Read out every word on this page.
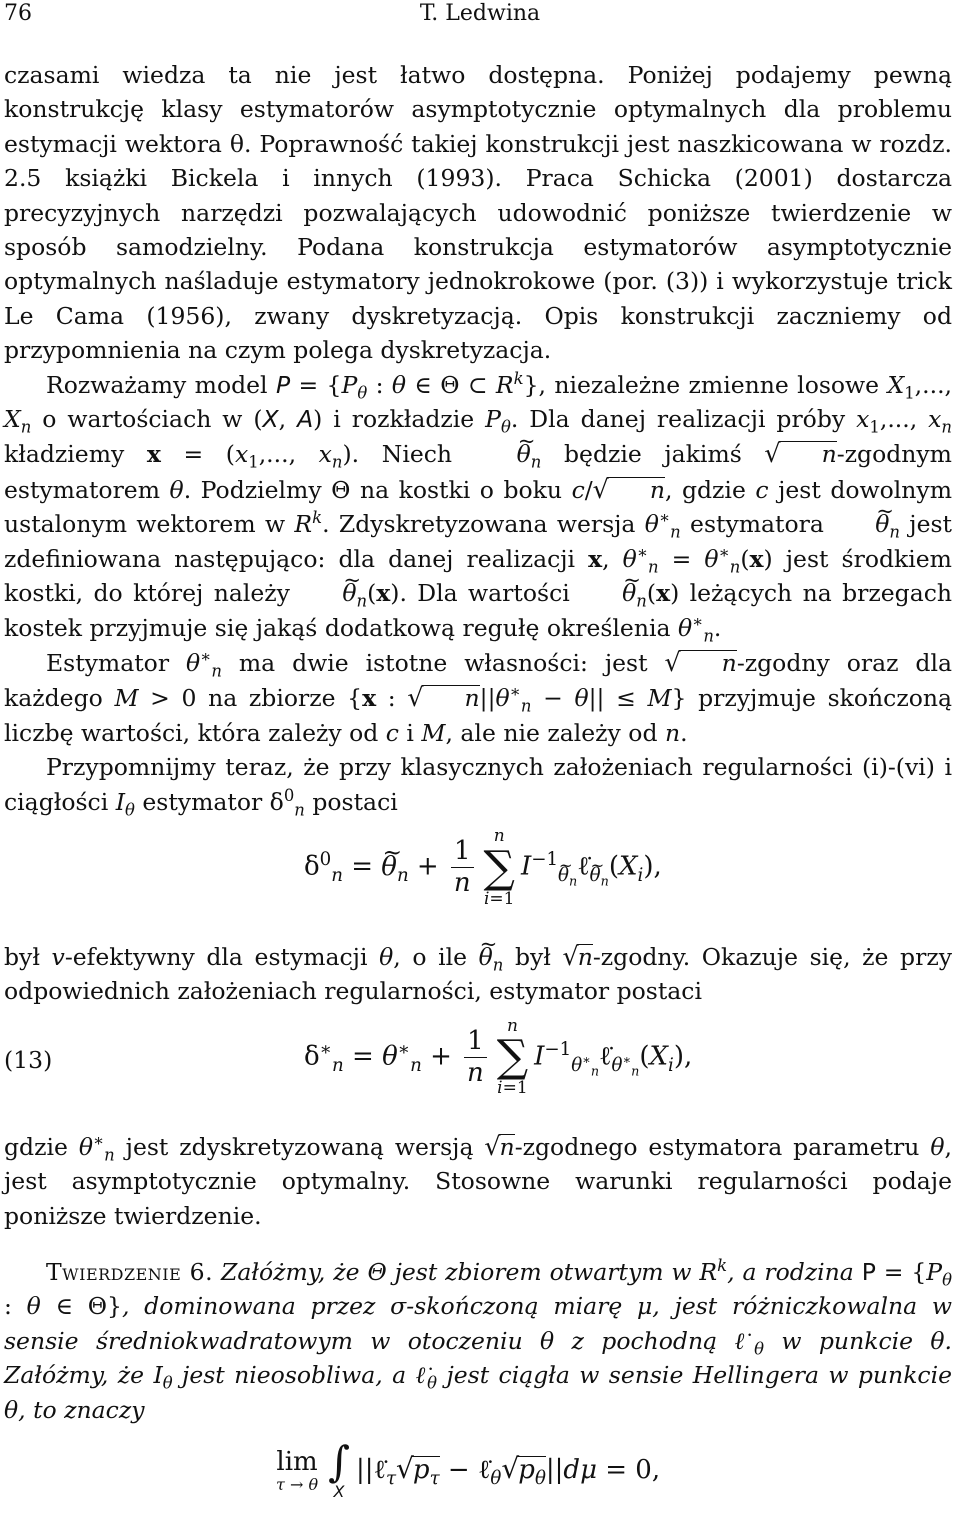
76	T. Ledwina

czasami wiedza ta nie jest łatwo dostępna. Poniżej podajemy pewną konstrukcję klasy estymatorów asymptotycznie optymalnych dla problemu estymacji wektora θ. Poprawność takiej konstrukcji jest naszkicowana w rozdz. 2.5 książki Bickela i innych (1993). Praca Schicka (2001) dostarcza precyzyjnych narzędzi pozwalających udowodnić poniższe twierdzenie w sposób samodzielny. Podana konstrukcja estymatorów asymptotycznie optymalnych naśladuje estymatory jednokrokowe (por. (3)) i wykorzystuje trick Le Cama (1956), zwany dyskretyzacją. Opis konstrukcji zaczniemy od przypomnienia na czym polega dyskretyzacja.

Rozważamy model $P = \{P_\theta$ : θ ∈ Θ ⊂ $R^k$}, niezależne zmienne losowe $X_1$,..., $X_n$ o wartościach w (X, A) i rozkładzie $P_\theta$. Dla danej realizacji próby $x_1$,..., $x_n$ kładziemy $x = (x_1$,..., $x_n$). Niech ~ $\theta_n$ będzie jakimś √ n-zgodnym estymatorem θ. Podzielmy Θ na kostki o boku c/√ n, gdzie c jest dowolnym ustalonym wektorem w $R^k$. Zdyskretyzowana wersja $\theta^∗_n$ estymatora ~ $\theta_n$ jest zdefiniowana następująco: dla danej realizacji x, $\theta^∗_n = \theta^∗_n(x)$ jest środkiem kostki, do której należy ~ $\theta_n(x)$. Dla wartości ~ $\theta_n(x)$ leżących na brzegach kostek przyjmuje się jakąś dodatkową regułę określenia $\theta^∗_n$.

Estymator $\theta^∗_n$ ma dwie istotne własności: jest √ n-zgodny oraz dla każdego M > 0 na zbiorze {x : √ $n||\theta^∗_n - \theta|| \le M$} przyjmuje skończoną liczbę wartości, która zależy od c i M, ale nie zależy od n.

Przypomnijmy teraz, że przy klasycznych założeniach regularności (i)-(vi) i ciągłości $I_\theta$ estymator $\delta^0_n$ postaci

$\delta^0_n$ = ~ $\theta_n + \frac{1}{n}$	n
∑
i=1
$I^{-1}_{\theta_n}\ell̇_{\theta_n}(X_i)$,

był v-efektywny dla estymacji θ, o ile ~ $\theta_n$ był √n-zgodny. Okazuje się, że przy odpowiednich założeniach regularności, estymator postaci

(13)	$\delta^∗_n = \theta^∗_n + \frac{1}{n}$	n
∑
i=1
$I^{-1}_{\theta^∗_n}\ell̇_{\theta^∗_n}(X_i)$,

gdzie $\theta^∗_n$ jest zdyskretyzowaną wersją √n-zgodnego estymatora parametru θ, jest asymptotycznie optymalny. Stosowne warunki regularności podaje poniższe twierdzenie.

Twierdzenie 6. Załóżmy, że Θ jest zbiorem otwartym w $R^k$, a rodzina $P = \{P_\theta$ : θ ∈ Θ}, dominowana przez σ-skończoną miarę μ, jest różniczkowalna w sensie średniokwadratowym w otoczeniu θ z pochodną $\ell̇_\theta$ w punkcie θ. Załóżmy, że $I_\theta$ jest nieosobliwa, a $\ell̇_\theta$ jest ciągła w sensie Hellingera w punkcie θ, to znaczy

lim
τ → θ ∫
X
$||\ell̇_\tau√p_\tau$ − $\ell̇_\theta√p_\theta||d\mu = 0$,
